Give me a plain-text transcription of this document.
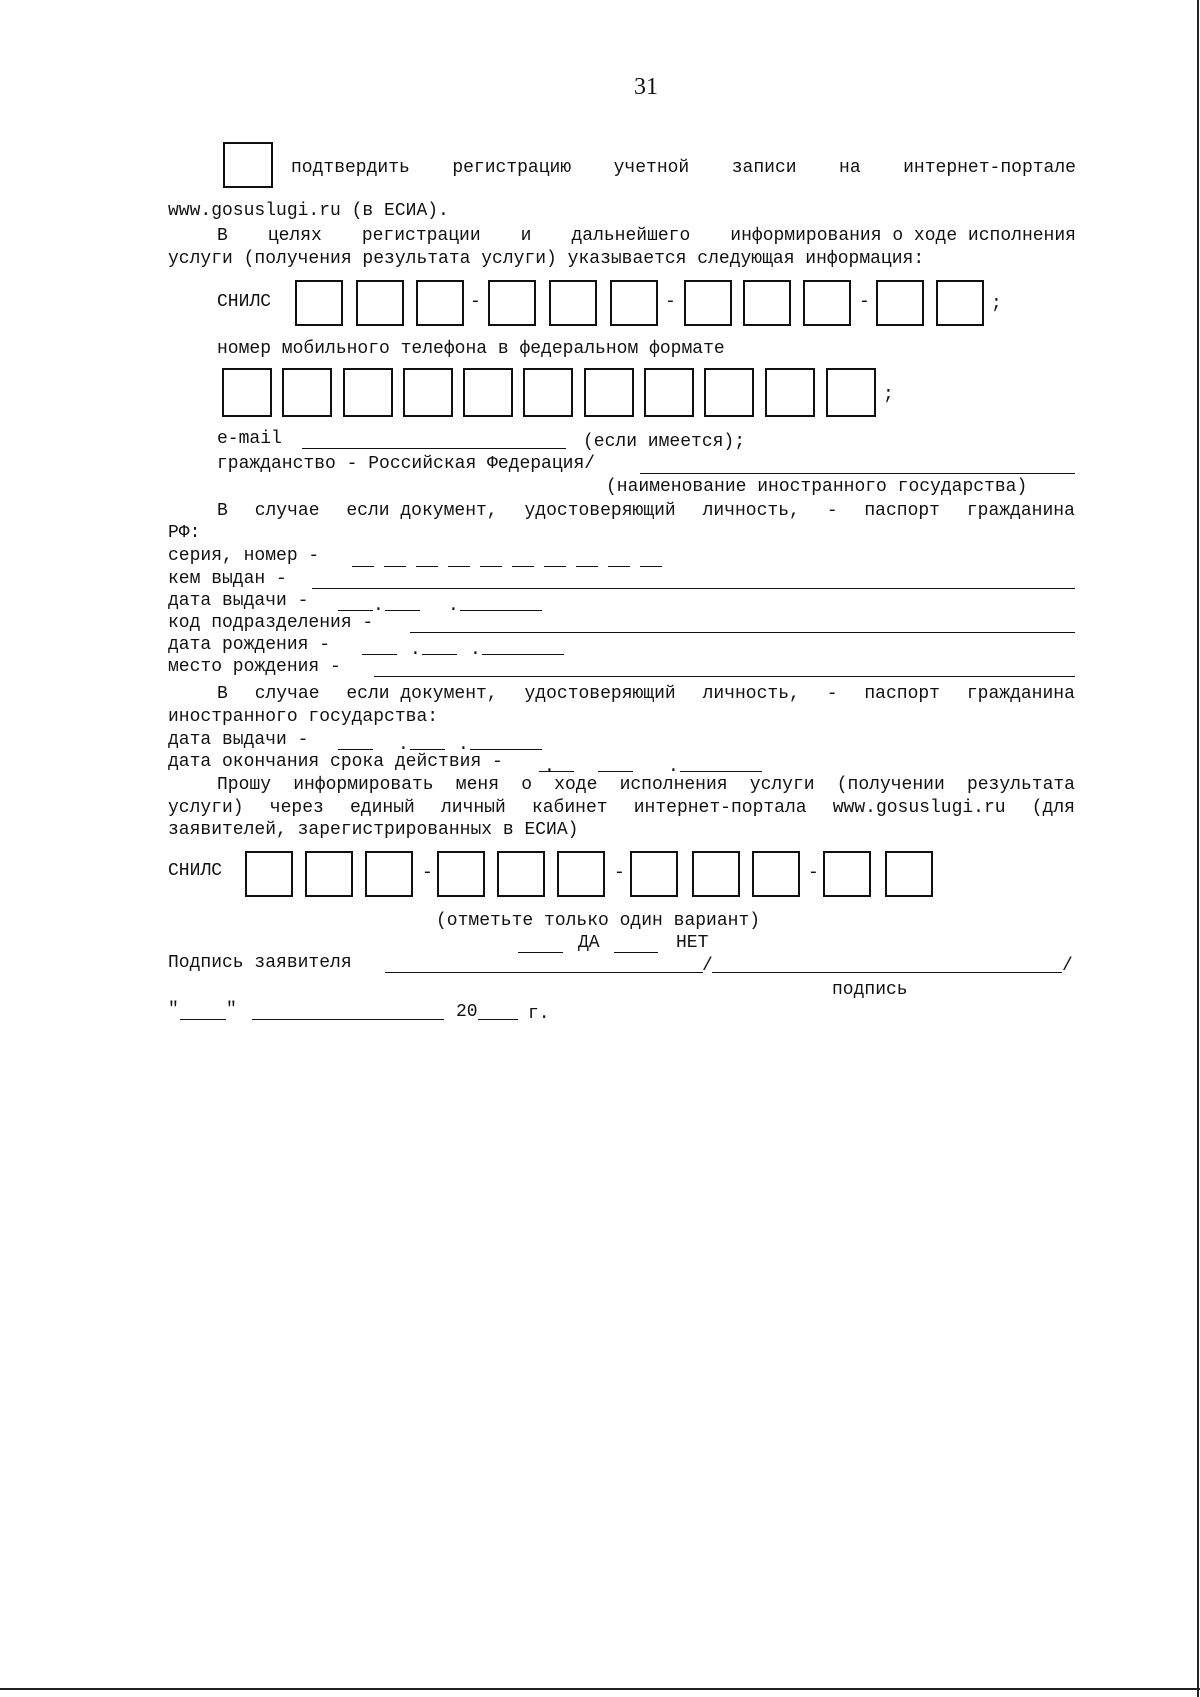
31
подтвердить регистрацию учетной записи на интернет-портале
www.gosuslugi.ru (в ЕСИА).
В целях регистрации и дальнейшего информирования о ходе исполнения
услуги (получения результата услуги) указывается следующая информация:
СНИЛС	-	-	-	;
номер мобильного телефона в федеральном формате
;
e-mail	(если имеется);
гражданство - Российская Федерация/
(наименование иностранного государства)
В случае если документ, удостоверяющий личность, - паспорт гражданина
РФ:
серия, номер -
кем выдан -
дата выдачи -	.	.
код подразделения -
дата рождения -	.	.
место рождения -
В случае если документ, удостоверяющий личность, - паспорт гражданина
иностранного государства:
дата выдачи -	.	.
дата окончания срока действия - .	.
Прошу информировать меня о ходе исполнения услуги (получении результата
услуги) через единый личный кабинет интернет-портала www.gosuslugi.ru (для
заявителей, зарегистрированных в ЕСИА)
СНИЛС	-	-	-
(отметьте только один вариант)
ДА	НЕТ
Подпись заявителя	/	/
подпись
"	"	20	г.
